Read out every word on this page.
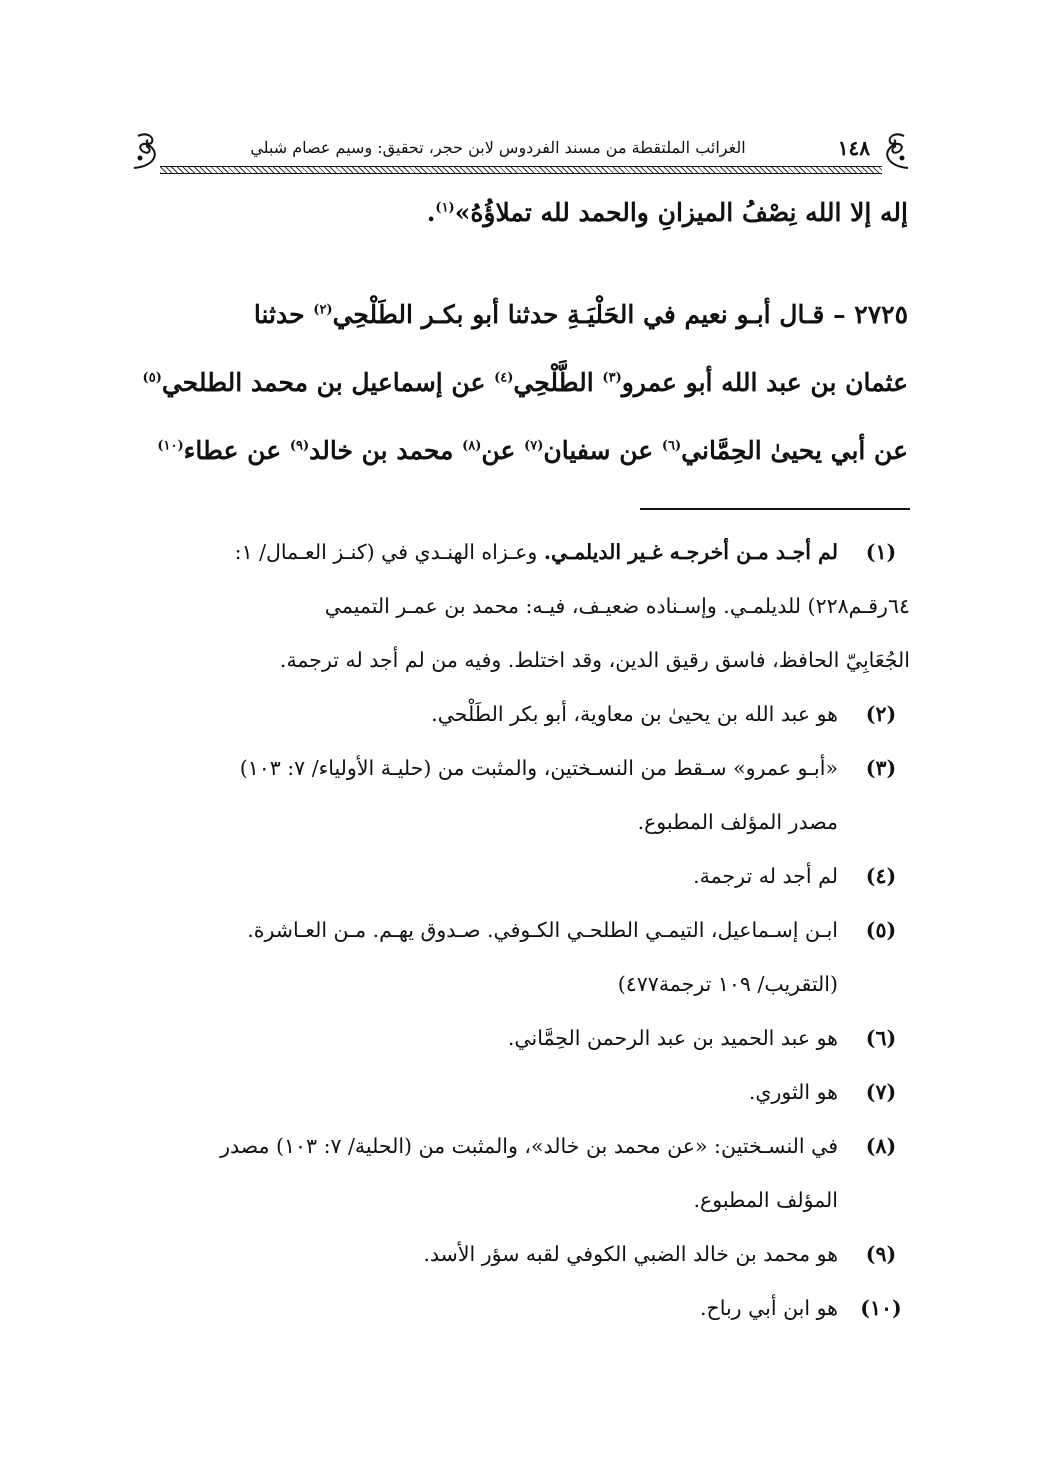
١٤٨
الغرائب الملتقطة من مسند الفردوس لابن حجر، تحقيق: وسيم عصام شبلي
إله إلا الله نِصْفُ الميزانِ والحمد لله تملاؤُهُ»$^{(١)}$.
٢٧٢٥ – قـال أبـو نعيم في الحَلْيَـةِ حدثنا أبو بكـر الطَلْحِي$^{(٢)}$ حدثنا
عثمان بن عبد الله أبو عمرو$^{(٣)}$ الطَّلْحِي$^{(٤)}$ عن إسماعيل بن محمد الطلحي$^{(٥)}$
عن أبي يحيىٰ الحِمَّاني$^{(٦)}$ عن سفيان$^{(٧)}$ عن$^{(٨)}$ محمد بن خالد$^{(٩)}$ عن عطاء$^{(١٠)}$
(١)
لم أجـد مـن أخرجـه غـير الديلمـي. وعـزاه الهنـدي في (كنـز العـمال/ ١:
٦٤رقـم٢٢٨) للديلمـي. وإسـناده ضعيـف، فيـه: محمد بن عمـر التميمي
الجُعَابِيّ الحافظ، فاسق رقيق الدين، وقد اختلط. وفيه من لم أجد له ترجمة.
(٢)
هو عبد الله بن يحيىٰ بن معاوية، أبو بكر الطَلْحي.
(٣)
«أبـو عمرو» سـقط من النسـختين، والمثبت من (حليـة الأولياء/ ٧: ١٠٣)
مصدر المؤلف المطبوع.
(٤)
لم أجد له ترجمة.
(٥)
ابـن إسـماعيل، التيمـي الطلحـي الكـوفي. صـدوق يهـم. مـن العـاشرة.
(التقريب/ ١٠٩ ترجمة٤٧٧)
(٦)
هو عبد الحميد بن عبد الرحمن الحِمَّاني.
(٧)
هو الثوري.
(٨)
في النسـختين: «عن محمد بن خالد»، والمثبت من (الحلية/ ٧: ١٠٣) مصدر
المؤلف المطبوع.
(٩)
هو محمد بن خالد الضبي الكوفي لقبه سؤر الأسد.
(١٠)
هو ابن أبي رباح.
